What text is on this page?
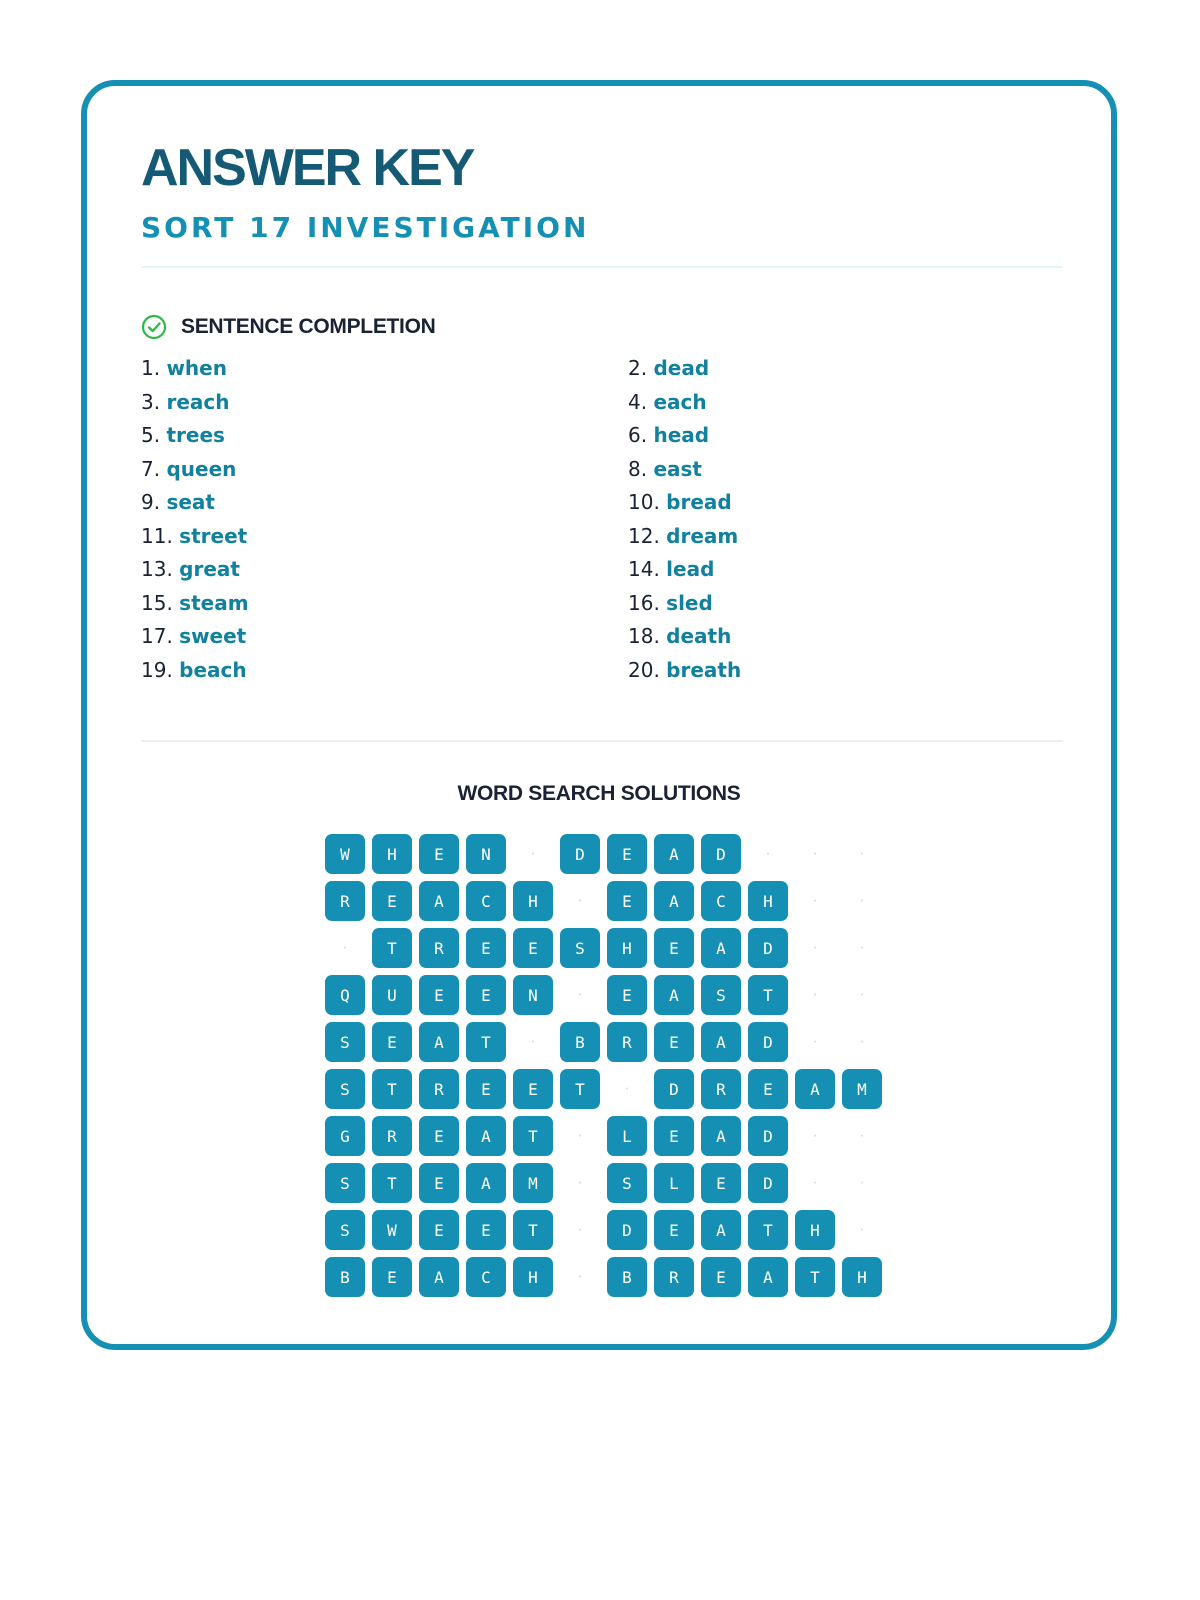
ANSWER KEY
SORT 17 INVESTIGATION
SENTENCE COMPLETION
1. when	2. dead
3. reach	4. each
5. trees	6. head
7. queen	8. east
9. seat	10. bread
11. street	12. dream
13. great	14. lead
15. steam	16. sled
17. sweet	18. death
19. beach	20. breath
WORD SEARCH SOLUTIONS
W	H	E	N	·	D	E	A	D	·	·	·
R	E	A	C	H	·	E	A	C	H	·	·
·	T	R	E	E	S	H	E	A	D	·	·
Q	U	E	E	N	·	E	A	S	T	·	·
S	E	A	T	·	B	R	E	A	D	·	·
S	T	R	E	E	T	·	D	R	E	A	M
G	R	E	A	T	·	L	E	A	D	·	·
S	T	E	A	M	·	S	L	E	D	·	·
S	W	E	E	T	·	D	E	A	T	H	·
B	E	A	C	H	·	B	R	E	A	T	H
